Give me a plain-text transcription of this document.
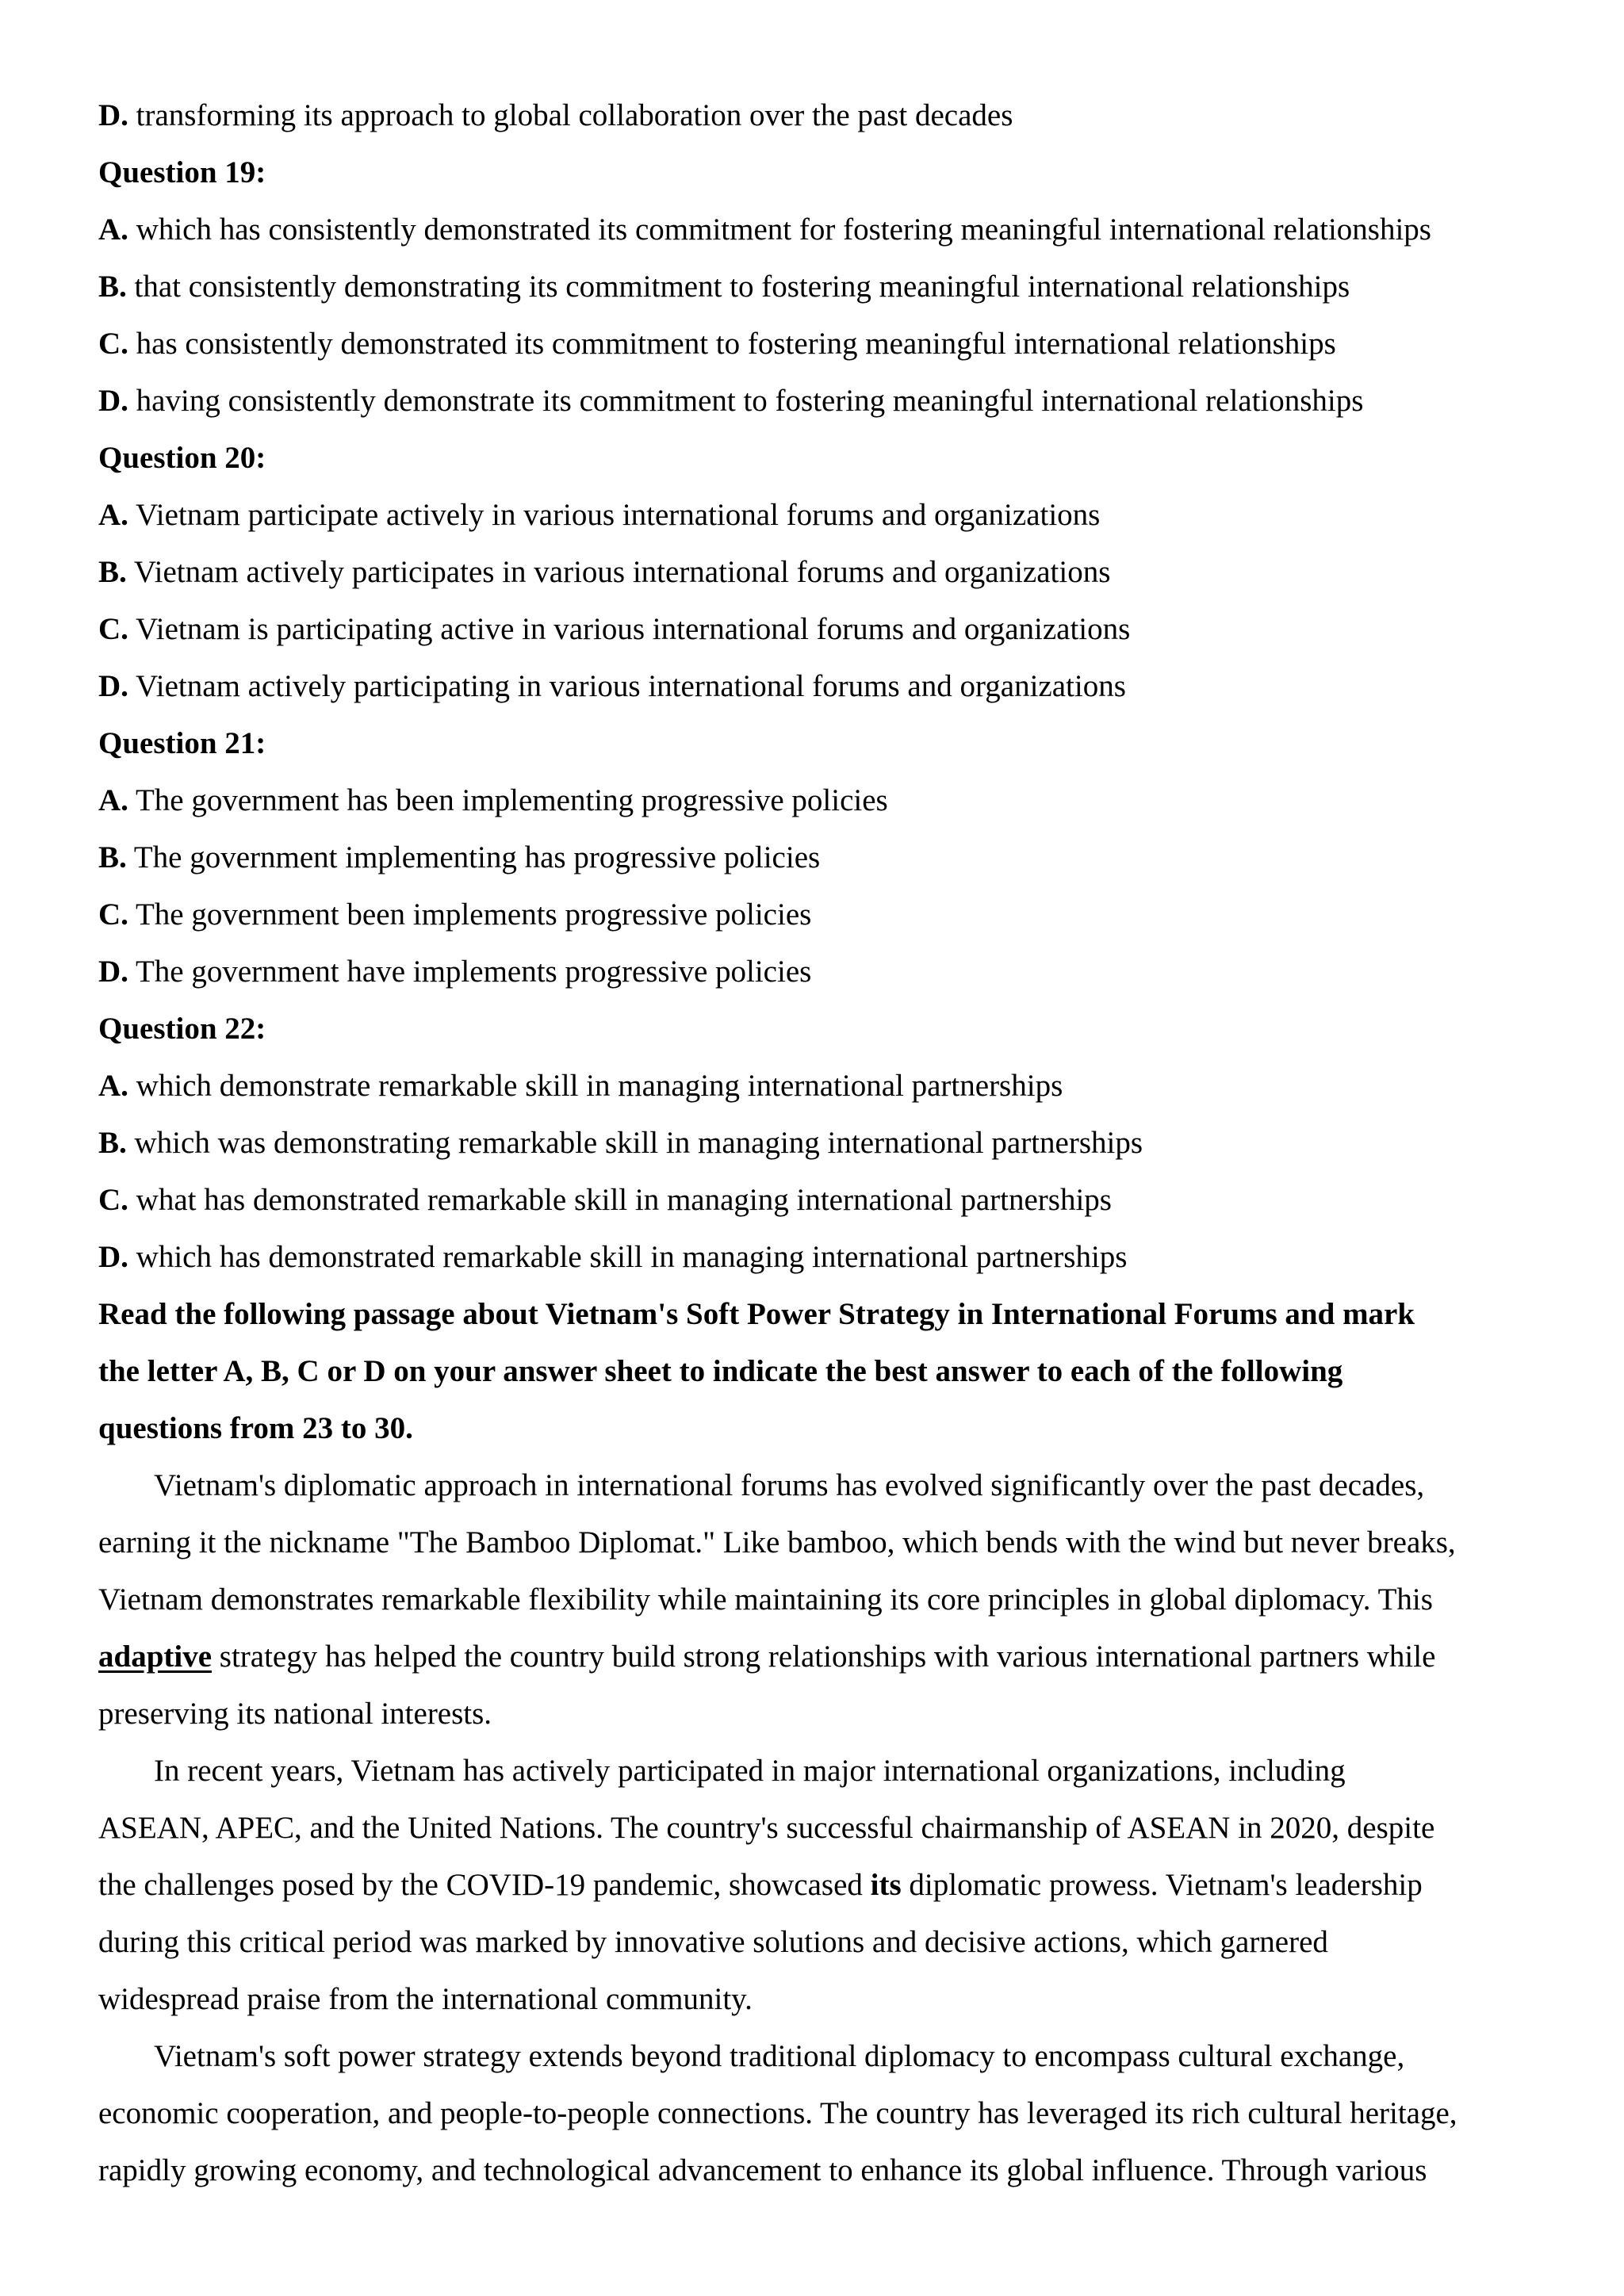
D. transforming its approach to global collaboration over the past decades
Question 19:
A. which has consistently demonstrated its commitment for fostering meaningful international relationships
B. that consistently demonstrating its commitment to fostering meaningful international relationships
C. has consistently demonstrated its commitment to fostering meaningful international relationships
D. having consistently demonstrate its commitment to fostering meaningful international relationships
Question 20:
A. Vietnam participate actively in various international forums and organizations
B. Vietnam actively participates in various international forums and organizations
C. Vietnam is participating active in various international forums and organizations
D. Vietnam actively participating in various international forums and organizations
Question 21:
A. The government has been implementing progressive policies
B. The government implementing has progressive policies
C. The government been implements progressive policies
D. The government have implements progressive policies
Question 22:
A. which demonstrate remarkable skill in managing international partnerships
B. which was demonstrating remarkable skill in managing international partnerships
C. what has demonstrated remarkable skill in managing international partnerships
D. which has demonstrated remarkable skill in managing international partnerships
Read the following passage about Vietnam's Soft Power Strategy in International Forums and mark
the letter A, B, C or D on your answer sheet to indicate the best answer to each of the following
questions from 23 to 30.
Vietnam's diplomatic approach in international forums has evolved significantly over the past decades,
earning it the nickname "The Bamboo Diplomat." Like bamboo, which bends with the wind but never breaks,
Vietnam demonstrates remarkable flexibility while maintaining its core principles in global diplomacy. This
adaptive strategy has helped the country build strong relationships with various international partners while
preserving its national interests.
In recent years, Vietnam has actively participated in major international organizations, including
ASEAN, APEC, and the United Nations. The country's successful chairmanship of ASEAN in 2020, despite
the challenges posed by the COVID-19 pandemic, showcased its diplomatic prowess. Vietnam's leadership
during this critical period was marked by innovative solutions and decisive actions, which garnered
widespread praise from the international community.
Vietnam's soft power strategy extends beyond traditional diplomacy to encompass cultural exchange,
economic cooperation, and people-to-people connections. The country has leveraged its rich cultural heritage,
rapidly growing economy, and technological advancement to enhance its global influence. Through various
